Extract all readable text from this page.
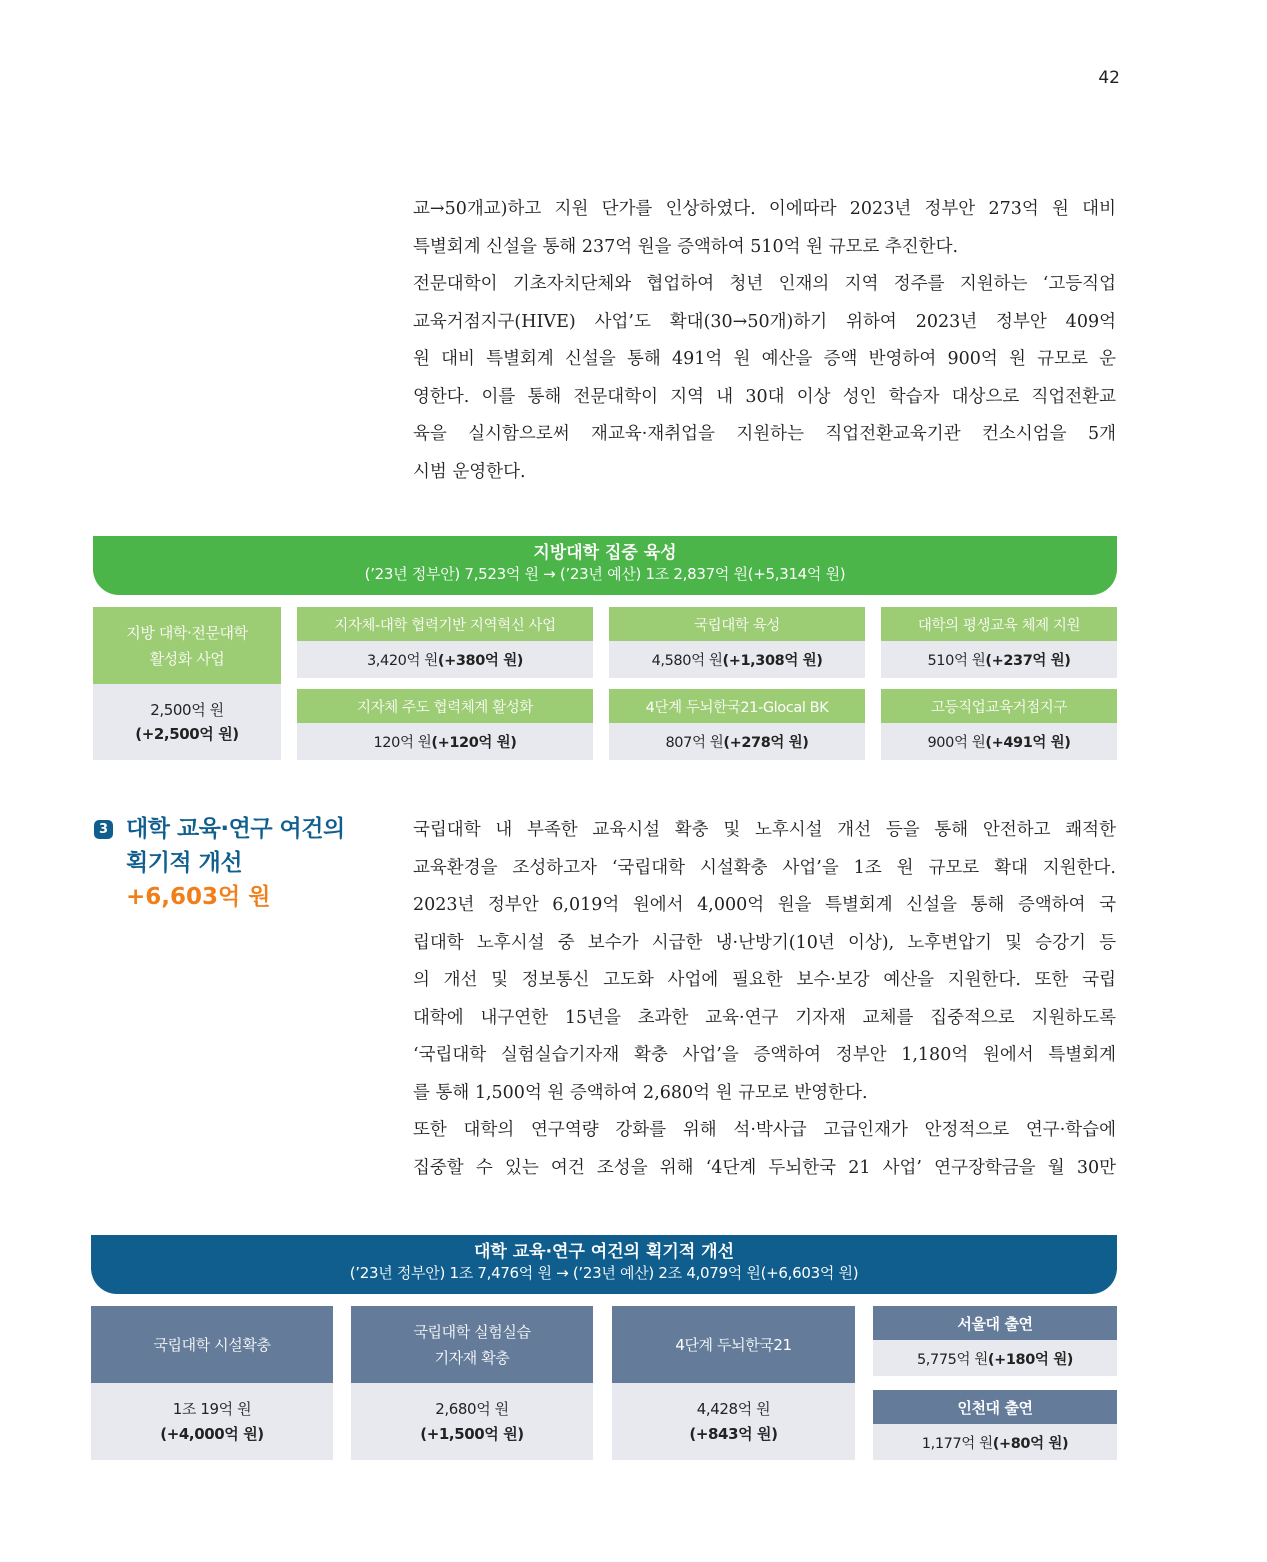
42
교→50개교)하고 지원 단가를 인상하였다. 이에따라 2023년 정부안 273억 원 대비
특별회계 신설을 통해 237억 원을 증액하여 510억 원 규모로 추진한다.
전문대학이 기초자치단체와 협업하여 청년 인재의 지역 정주를 지원하는 ‘고등직업
교육거점지구(HIVE) 사업’도 확대(30→50개)하기 위하여 2023년 정부안 409억
원 대비 특별회계 신설을 통해 491억 원 예산을 증액 반영하여 900억 원 규모로 운
영한다. 이를 통해 전문대학이 지역 내 30대 이상 성인 학습자 대상으로 직업전환교
육을 실시함으로써 재교육·재취업을 지원하는 직업전환교육기관 컨소시엄을 5개
시범 운영한다.
지방대학 집중 육성
(’23년 정부안) 7,523억 원 → (’23년 예산) 1조 2,837억 원(+5,314억 원)
지방 대학·전문대학
활성화 사업
2,500억 원
(+2,500억 원)
지자체-대학 협력기반 지역혁신 사업
3,420억 원 (+380억 원)
국립대학 육성
4,580억 원 (+1,308억 원)
대학의 평생교육 체제 지원
510억 원 (+237억 원)
지자체 주도 협력체계 활성화
120억 원 (+120억 원)
4단계 두뇌한국21-Glocal BK
807억 원 (+278억 원)
고등직업교육거점지구
900억 원 (+491억 원)
3 대학 교육·연구 여건의
획기적 개선
+6,603억 원
국립대학 내 부족한 교육시설 확충 및 노후시설 개선 등을 통해 안전하고 쾌적한
교육환경을 조성하고자 ‘국립대학 시설확충 사업’을 1조 원 규모로 확대 지원한다.
2023년 정부안 6,019억 원에서 4,000억 원을 특별회계 신설을 통해 증액하여 국
립대학 노후시설 중 보수가 시급한 냉·난방기(10년 이상), 노후변압기 및 승강기 등
의 개선 및 정보통신 고도화 사업에 필요한 보수·보강 예산을 지원한다. 또한 국립
대학에 내구연한 15년을 초과한 교육·연구 기자재 교체를 집중적으로 지원하도록
‘국립대학 실험실습기자재 확충 사업’을 증액하여 정부안 1,180억 원에서 특별회계
를 통해 1,500억 원 증액하여 2,680억 원 규모로 반영한다.
또한 대학의 연구역량 강화를 위해 석·박사급 고급인재가 안정적으로 연구·학습에
집중할 수 있는 여건 조성을 위해 ‘4단계 두뇌한국 21 사업’ 연구장학금을 월 30만
대학 교육·연구 여건의 획기적 개선
(’23년 정부안) 1조 7,476억 원 → (’23년 예산) 2조 4,079억 원(+6,603억 원)
국립대학 시설확충
1조 19억 원
(+4,000억 원)
국립대학 실험실습
기자재 확충
2,680억 원
(+1,500억 원)
4단계 두뇌한국21
4,428억 원
(+843억 원)
서울대 출연
5,775억 원 (+180억 원)
인천대 출연
1,177억 원 (+80억 원)
